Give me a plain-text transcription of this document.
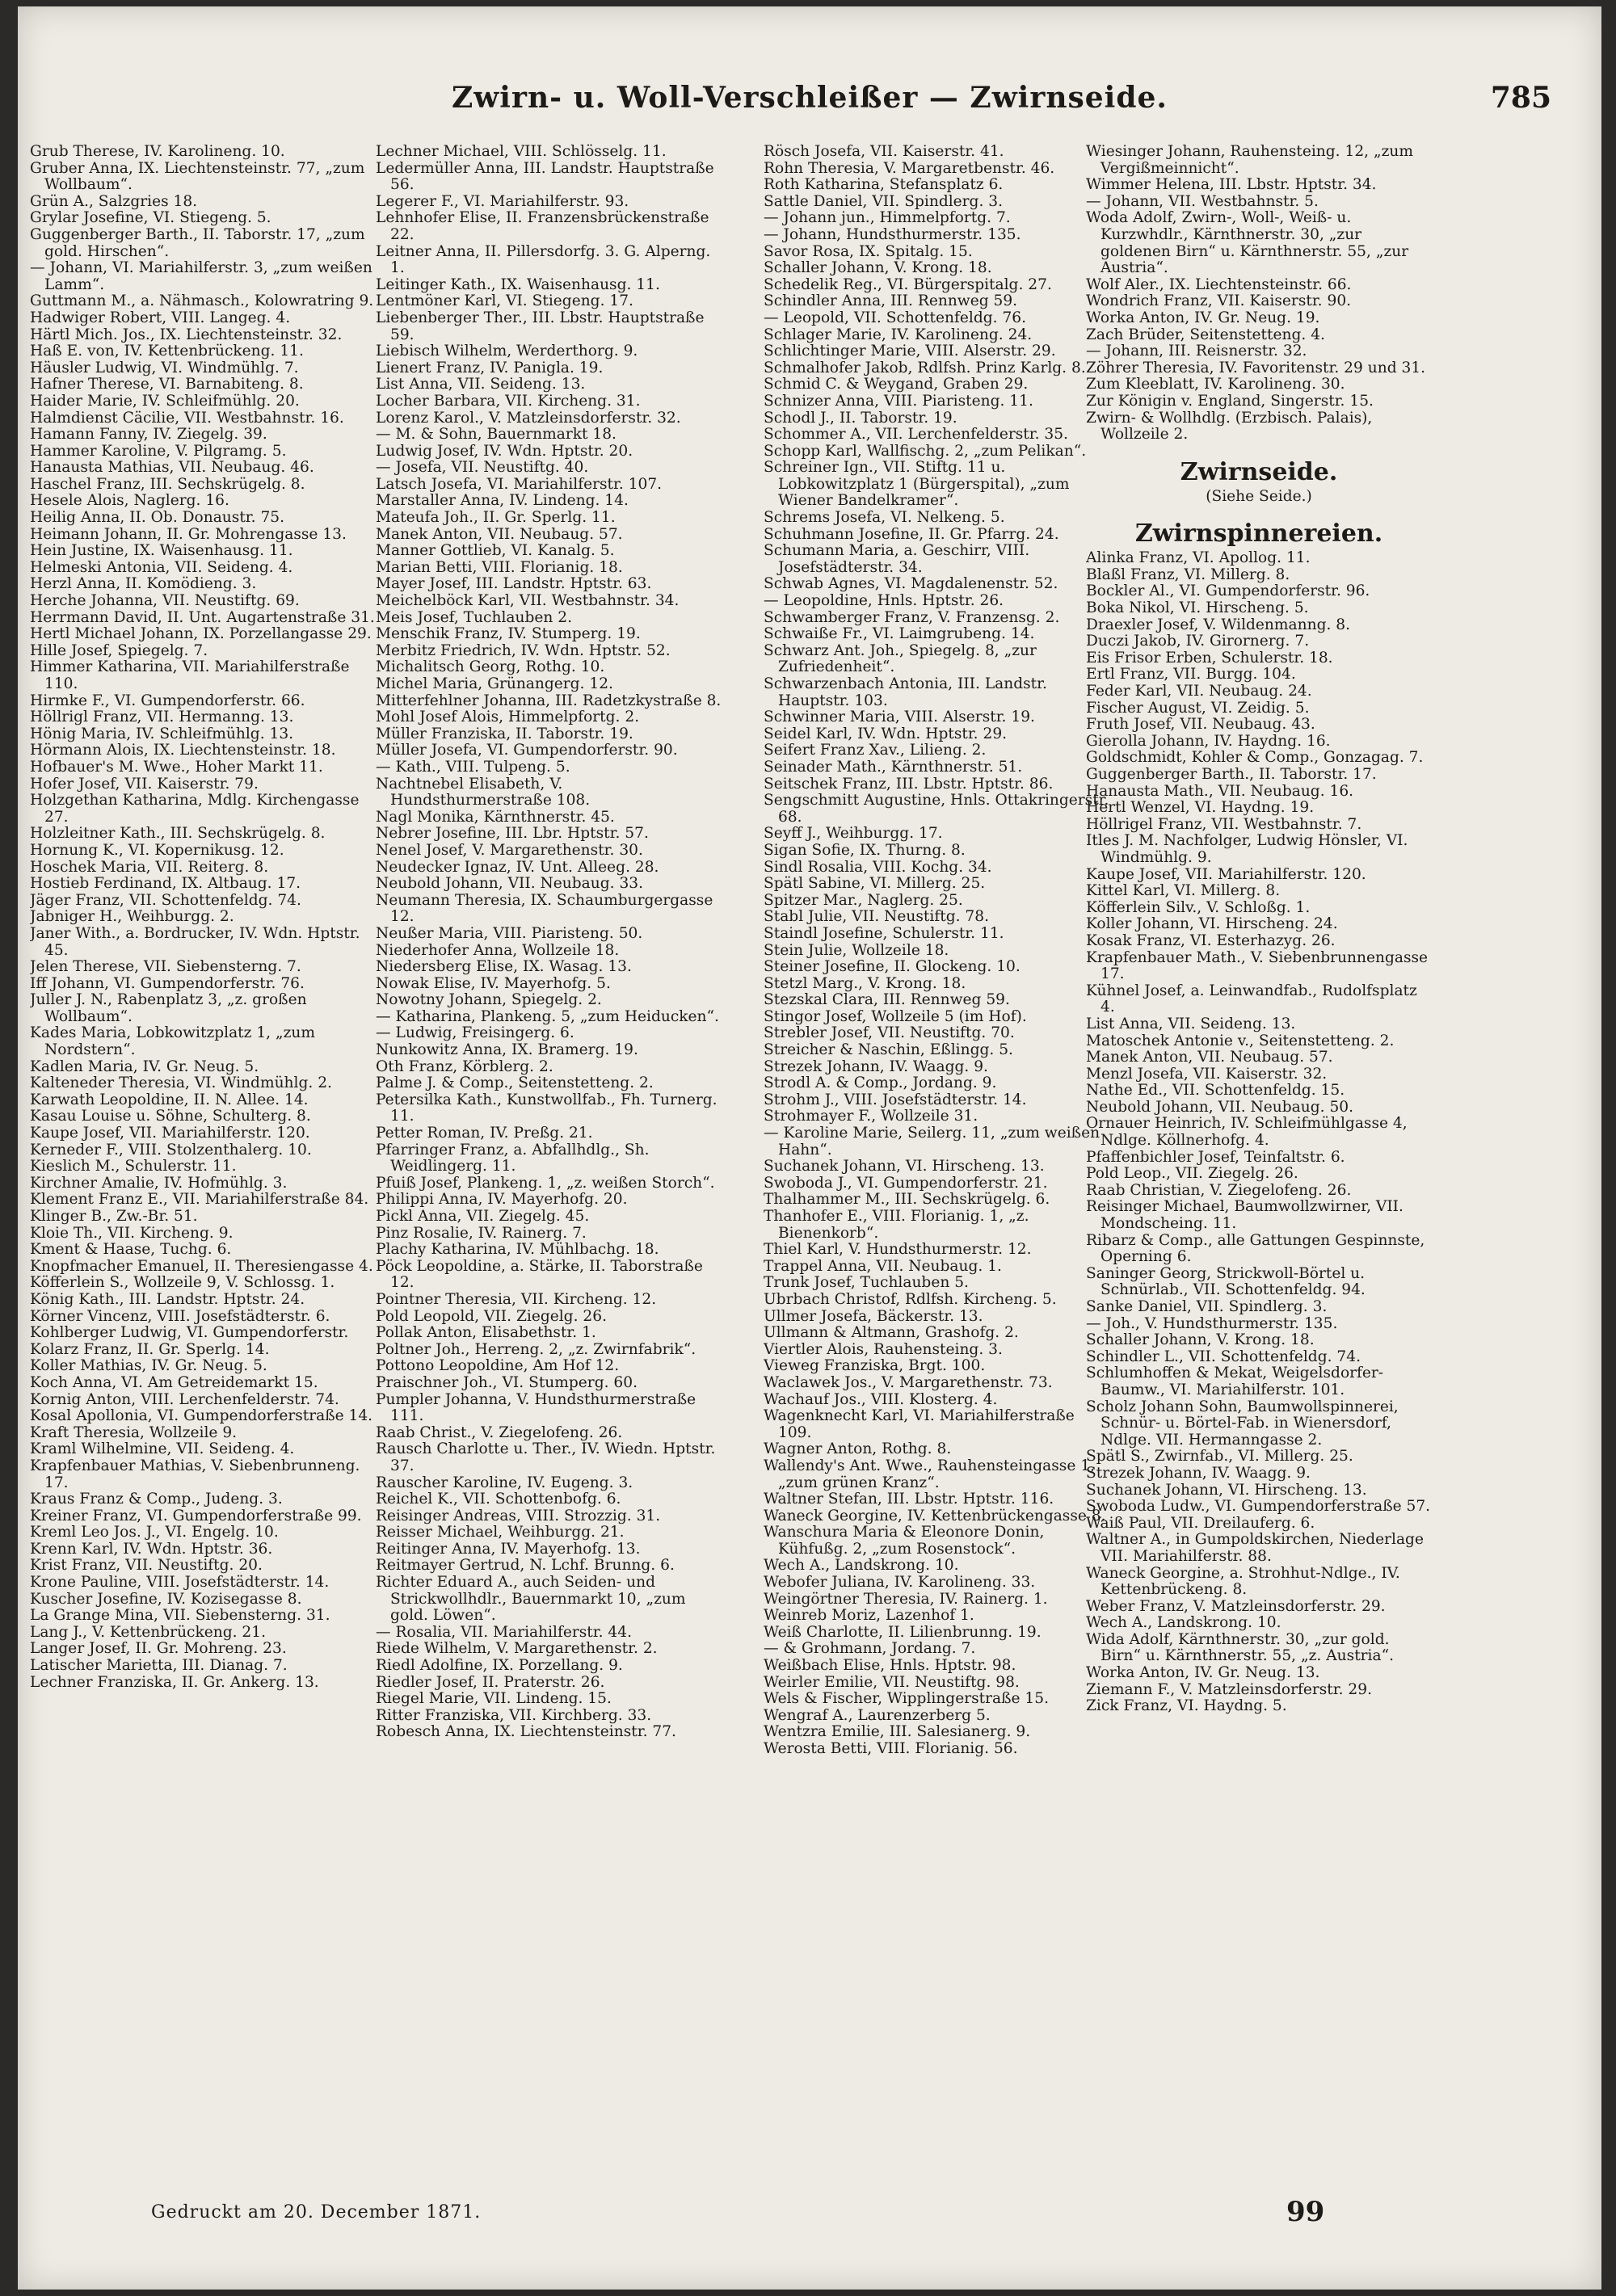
Zwirn- u. Woll-Verschleißer — Zwirnseide.	785

Grub Therese, IV. Karolineng. 10.

Gruber Anna, IX. Liechtensteinstr. 77, „zum Wollbaum“.

Grün A., Salzgries 18.

Grylar Josefine, VI. Stiegeng. 5.

Guggenberger Barth., II. Taborstr. 17, „zum gold. Hirschen“.

— Johann, VI. Mariahilferstr. 3, „zum weißen Lamm“.

Guttmann M., a. Nähmasch., Kolowratring 9.

Hadwiger Robert, VIII. Langeg. 4.

Härtl Mich. Jos., IX. Liechtensteinstr. 32.

Haß E. von, IV. Kettenbrückeng. 11.

Häusler Ludwig, VI. Windmühlg. 7.

Hafner Therese, VI. Barnabiteng. 8.

Haider Marie, IV. Schleifmühlg. 20.

Halmdienst Cäcilie, VII. Westbahnstr. 16.

Hamann Fanny, IV. Ziegelg. 39.

Hammer Karoline, V. Pilgramg. 5.

Hanausta Mathias, VII. Neubaug. 46.

Haschel Franz, III. Sechskrügelg. 8.

Hesele Alois, Naglerg. 16.

Heilig Anna, II. Ob. Donaustr. 75.

Heimann Johann, II. Gr. Mohrengasse 13.

Hein Justine, IX. Waisenhausg. 11.

Helmeski Antonia, VII. Seideng. 4.

Herzl Anna, II. Komödieng. 3.

Herche Johanna, VII. Neustiftg. 69.

Herrmann David, II. Unt. Augartenstraße 31.

Hertl Michael Johann, IX. Porzellangasse 29.

Hille Josef, Spiegelg. 7.

Himmer Katharina, VII. Mariahilferstraße 110.

Hirmke F., VI. Gumpendorferstr. 66.

Höllrigl Franz, VII. Hermanng. 13.

Hönig Maria, IV. Schleifmühlg. 13.

Hörmann Alois, IX. Liechtensteinstr. 18.

Hofbauer's M. Wwe., Hoher Markt 11.

Hofer Josef, VII. Kaiserstr. 79.

Holzgethan Katharina, Mdlg. Kirchengasse 27.

Holzleitner Kath., III. Sechskrügelg. 8.

Hornung K., VI. Kopernikusg. 12.

Hoschek Maria, VII. Reiterg. 8.

Hostieb Ferdinand, IX. Altbaug. 17.

Jäger Franz, VII. Schottenfeldg. 74.

Jabniger H., Weihburgg. 2.

Janer With., a. Bordrucker, IV. Wdn. Hptstr. 45.

Jelen Therese, VII. Siebensterng. 7.

Iff Johann, VI. Gumpendorferstr. 76.

Juller J. N., Rabenplatz 3, „z. großen Wollbaum“.

Kades Maria, Lobkowitzplatz 1, „zum Nordstern“.

Kadlen Maria, IV. Gr. Neug. 5.

Kalteneder Theresia, VI. Windmühlg. 2.

Karwath Leopoldine, II. N. Allee. 14.

Kasau Louise u. Söhne, Schulterg. 8.

Kaupe Josef, VII. Mariahilferstr. 120.

Kerneder F., VIII. Stolzenthalerg. 10.

Kieslich M., Schulerstr. 11.

Kirchner Amalie, IV. Hofmühlg. 3.

Klement Franz E., VII. Mariahilferstraße 84.

Klinger B., Zw.-Br. 51.

Kloie Th., VII. Kircheng. 9.

Kment & Haase, Tuchg. 6.

Knopfmacher Emanuel, II. Theresiengasse 4.

Köfferlein S., Wollzeile 9, V. Schlossg. 1.

König Kath., III. Landstr. Hptstr. 24.

Körner Vincenz, VIII. Josefstädterstr. 6.

Kohlberger Ludwig, VI. Gumpendorferstr.

Kolarz Franz, II. Gr. Sperlg. 14.

Koller Mathias, IV. Gr. Neug. 5.

Koch Anna, VI. Am Getreidemarkt 15.

Kornig Anton, VIII. Lerchenfelderstr. 74.

Kosal Apollonia, VI. Gumpendorferstraße 14.

Kraft Theresia, Wollzeile 9.

Kraml Wilhelmine, VII. Seideng. 4.

Krapfenbauer Mathias, V. Siebenbrunneng. 17.

Kraus Franz & Comp., Judeng. 3.

Kreiner Franz, VI. Gumpendorferstraße 99.

Kreml Leo Jos. J., VI. Engelg. 10.

Krenn Karl, IV. Wdn. Hptstr. 36.

Krist Franz, VII. Neustiftg. 20.

Krone Pauline, VIII. Josefstädterstr. 14.

Kuscher Josefine, IV. Kozisegasse 8.

La Grange Mina, VII. Siebensterng. 31.

Lang J., V. Kettenbrückeng. 21.

Langer Josef, II. Gr. Mohreng. 23.

Latischer Marietta, III. Dianag. 7.

Lechner Franziska, II. Gr. Ankerg. 13.

Lechner Michael, VIII. Schlösselg. 11.

Ledermüller Anna, III. Landstr. Hauptstraße 56.

Legerer F., VI. Mariahilferstr. 93.

Lehnhofer Elise, II. Franzensbrückenstraße 22.

Leitner Anna, II. Pillersdorfg. 3. G. Alperng. 1.

Leitinger Kath., IX. Waisenhausg. 11.

Lentmöner Karl, VI. Stiegeng. 17.

Liebenberger Ther., III. Lbstr. Hauptstraße 59.

Liebisch Wilhelm, Werderthorg. 9.

Lienert Franz, IV. Panigla. 19.

List Anna, VII. Seideng. 13.

Locher Barbara, VII. Kircheng. 31.

Lorenz Karol., V. Matzleinsdorferstr. 32.

— M. & Sohn, Bauernmarkt 18.

Ludwig Josef, IV. Wdn. Hptstr. 20.

— Josefa, VII. Neustiftg. 40.

Latsch Josefa, VI. Mariahilferstr. 107.

Marstaller Anna, IV. Lindeng. 14.

Mateufa Joh., II. Gr. Sperlg. 11.

Manek Anton, VII. Neubaug. 57.

Manner Gottlieb, VI. Kanalg. 5.

Marian Betti, VIII. Florianig. 18.

Mayer Josef, III. Landstr. Hptstr. 63.

Meichelböck Karl, VII. Westbahnstr. 34.

Meis Josef, Tuchlauben 2.

Menschik Franz, IV. Stumperg. 19.

Merbitz Friedrich, IV. Wdn. Hptstr. 52.

Michalitsch Georg, Rothg. 10.

Michel Maria, Grünangerg. 12.

Mitterfehlner Johanna, III. Radetzkystraße 8.

Mohl Josef Alois, Himmelpfortg. 2.

Müller Franziska, II. Taborstr. 19.

Müller Josefa, VI. Gumpendorferstr. 90.

— Kath., VIII. Tulpeng. 5.

Nachtnebel Elisabeth, V. Hundsthurmerstraße 108.

Nagl Monika, Kärnthnerstr. 45.

Nebrer Josefine, III. Lbr. Hptstr. 57.

Nenel Josef, V. Margarethenstr. 30.

Neudecker Ignaz, IV. Unt. Alleeg. 28.

Neubold Johann, VII. Neubaug. 33.

Neumann Theresia, IX. Schaumburgergasse 12.

Neußer Maria, VIII. Piaristeng. 50.

Niederhofer Anna, Wollzeile 18.

Niedersberg Elise, IX. Wasag. 13.

Nowak Elise, IV. Mayerhofg. 5.

Nowotny Johann, Spiegelg. 2.

— Katharina, Plankeng. 5, „zum Heiducken“.

— Ludwig, Freisingerg. 6.

Nunkowitz Anna, IX. Bramerg. 19.

Oth Franz, Körblerg. 2.

Palme J. & Comp., Seitenstetteng. 2.

Petersilka Kath., Kunstwollfab., Fh. Turnerg. 11.

Petter Roman, IV. Preßg. 21.

Pfarringer Franz, a. Abfallhdlg., Sh. Weidlingerg. 11.

Pfuiß Josef, Plankeng. 1, „z. weißen Storch“.

Philippi Anna, IV. Mayerhofg. 20.

Pickl Anna, VII. Ziegelg. 45.

Pinz Rosalie, IV. Rainerg. 7.

Plachy Katharina, IV. Mühlbachg. 18.

Pöck Leopoldine, a. Stärke, II. Taborstraße 12.

Pointner Theresia, VII. Kircheng. 12.

Pold Leopold, VII. Ziegelg. 26.

Pollak Anton, Elisabethstr. 1.

Poltner Joh., Herreng. 2, „z. Zwirnfabrik“.

Pottono Leopoldine, Am Hof 12.

Praischner Joh., VI. Stumperg. 60.

Pumpler Johanna, V. Hundsthurmerstraße 111.

Raab Christ., V. Ziegelofeng. 26.

Rausch Charlotte u. Ther., IV. Wiedn. Hptstr. 37.

Rauscher Karoline, IV. Eugeng. 3.

Reichel K., VII. Schottenbofg. 6.

Reisinger Andreas, VIII. Strozzig. 31.

Reisser Michael, Weihburgg. 21.

Reitinger Anna, IV. Mayerhofg. 13.

Reitmayer Gertrud, N. Lchf. Brunng. 6.

Richter Eduard A., auch Seiden- und Strickwollhdlr., Bauernmarkt 10, „zum gold. Löwen“.

— Rosalia, VII. Mariahilferstr. 44.

Riede Wilhelm, V. Margarethenstr. 2.

Riedl Adolfine, IX. Porzellang. 9.

Riedler Josef, II. Praterstr. 26.

Riegel Marie, VII. Lindeng. 15.

Ritter Franziska, VII. Kirchberg. 33.

Robesch Anna, IX. Liechtensteinstr. 77.

Rösch Josefa, VII. Kaiserstr. 41.

Rohn Theresia, V. Margaretbenstr. 46.

Roth Katharina, Stefansplatz 6.

Sattle Daniel, VII. Spindlerg. 3.

— Johann jun., Himmelpfortg. 7.

— Johann, Hundsthurmerstr. 135.

Savor Rosa, IX. Spitalg. 15.

Schaller Johann, V. Krong. 18.

Schedelik Reg., VI. Bürgerspitalg. 27.

Schindler Anna, III. Rennweg 59.

— Leopold, VII. Schottenfeldg. 76.

Schlager Marie, IV. Karolineng. 24.

Schlichtinger Marie, VIII. Alserstr. 29.

Schmalhofer Jakob, Rdlfsh. Prinz Karlg. 8.

Schmid C. & Weygand, Graben 29.

Schnizer Anna, VIII. Piaristeng. 11.

Schodl J., II. Taborstr. 19.

Schommer A., VII. Lerchenfelderstr. 35.

Schopp Karl, Wallfischg. 2, „zum Pelikan“.

Schreiner Ign., VII. Stiftg. 11 u. Lobkowitzplatz 1 (Bürgerspital), „zum Wiener Bandelkramer“.

Schrems Josefa, VI. Nelkeng. 5.

Schuhmann Josefine, II. Gr. Pfarrg. 24.

Schumann Maria, a. Geschirr, VIII. Josefstädterstr. 34.

Schwab Agnes, VI. Magdalenenstr. 52.

— Leopoldine, Hnls. Hptstr. 26.

Schwamberger Franz, V. Franzensg. 2.

Schwaiße Fr., VI. Laimgrubeng. 14.

Schwarz Ant. Joh., Spiegelg. 8, „zur Zufriedenheit“.

Schwarzenbach Antonia, III. Landstr. Hauptstr. 103.

Schwinner Maria, VIII. Alserstr. 19.

Seidel Karl, IV. Wdn. Hptstr. 29.

Seifert Franz Xav., Lilieng. 2.

Seinader Math., Kärnthnerstr. 51.

Seitschek Franz, III. Lbstr. Hptstr. 86.

Sengschmitt Augustine, Hnls. Ottakringerstr. 68.

Seyff J., Weihburgg. 17.

Sigan Sofie, IX. Thurng. 8.

Sindl Rosalia, VIII. Kochg. 34.

Spätl Sabine, VI. Millerg. 25.

Spitzer Mar., Naglerg. 25.

Stabl Julie, VII. Neustiftg. 78.

Staindl Josefine, Schulerstr. 11.

Stein Julie, Wollzeile 18.

Steiner Josefine, II. Glockeng. 10.

Stetzl Marg., V. Krong. 18.

Stezskal Clara, III. Rennweg 59.

Stingor Josef, Wollzeile 5 (im Hof).

Strebler Josef, VII. Neustiftg. 70.

Streicher & Naschin, Eßlingg. 5.

Strezek Johann, IV. Waagg. 9.

Strodl A. & Comp., Jordang. 9.

Strohm J., VIII. Josefstädterstr. 14.

Strohmayer F., Wollzeile 31.

— Karoline Marie, Seilerg. 11, „zum weißen Hahn“.

Suchanek Johann, VI. Hirscheng. 13.

Swoboda J., VI. Gumpendorferstr. 21.

Thalhammer M., III. Sechskrügelg. 6.

Thanhofer E., VIII. Florianig. 1, „z. Bienenkorb“.

Thiel Karl, V. Hundsthurmerstr. 12.

Trappel Anna, VII. Neubaug. 1.

Trunk Josef, Tuchlauben 5.

Ubrbach Christof, Rdlfsh. Kircheng. 5.

Ullmer Josefa, Bäckerstr. 13.

Ullmann & Altmann, Grashofg. 2.

Viertler Alois, Rauhensteing. 3.

Vieweg Franziska, Brgt. 100.

Waclawek Jos., V. Margarethenstr. 73.

Wachauf Jos., VIII. Klosterg. 4.

Wagenknecht Karl, VI. Mariahilferstraße 109.

Wagner Anton, Rothg. 8.

Wallendy's Ant. Wwe., Rauhensteingasse 1, „zum grünen Kranz“.

Waltner Stefan, III. Lbstr. Hptstr. 116.

Waneck Georgine, IV. Kettenbrückengasse 8.

Wanschura Maria & Eleonore Donin, Kühfußg. 2, „zum Rosenstock“.

Wech A., Landskrong. 10.

Webofer Juliana, IV. Karolineng. 33.

Weingörtner Theresia, IV. Rainerg. 1.

Weinreb Moriz, Lazenhof 1.

Weiß Charlotte, II. Lilienbrunng. 19.

— & Grohmann, Jordang. 7.

Weißbach Elise, Hnls. Hptstr. 98.

Weirler Emilie, VII. Neustiftg. 98.

Wels & Fischer, Wipplingerstraße 15.

Wengraf A., Laurenzerberg 5.

Wentzra Emilie, III. Salesianerg. 9.

Werosta Betti, VIII. Florianig. 56.

Wiesinger Johann, Rauhensteing. 12, „zum Vergißmeinnicht“.

Wimmer Helena, III. Lbstr. Hptstr. 34.

— Johann, VII. Westbahnstr. 5.

Woda Adolf, Zwirn-, Woll-, Weiß- u. Kurzwhdlr., Kärnthnerstr. 30, „zur goldenen Birn“ u. Kärnthnerstr. 55, „zur Austria“.

Wolf Aler., IX. Liechtensteinstr. 66.

Wondrich Franz, VII. Kaiserstr. 90.

Worka Anton, IV. Gr. Neug. 19.

Zach Brüder, Seitenstetteng. 4.

— Johann, III. Reisnerstr. 32.

Zöhrer Theresia, IV. Favoritenstr. 29 und 31.

Zum Kleeblatt, IV. Karolineng. 30.

Zur Königin v. England, Singerstr. 15.

Zwirn- & Wollhdlg. (Erzbisch. Palais), Wollzeile 2.

Zwirnseide.

(Siehe Seide.)

Zwirnspinnereien.

Alinka Franz, VI. Apollog. 11.

Blaßl Franz, VI. Millerg. 8.

Bockler Al., VI. Gumpendorferstr. 96.

Boka Nikol, VI. Hirscheng. 5.

Draexler Josef, V. Wildenmanng. 8.

Duczi Jakob, IV. Girornerg. 7.

Eis Frisor Erben, Schulerstr. 18.

Ertl Franz, VII. Burgg. 104.

Feder Karl, VII. Neubaug. 24.

Fischer August, VI. Zeidig. 5.

Fruth Josef, VII. Neubaug. 43.

Gierolla Johann, IV. Haydng. 16.

Goldschmidt, Kohler & Comp., Gonzagag. 7.

Guggenberger Barth., II. Taborstr. 17.

Hanausta Math., VII. Neubaug. 16.

Hertl Wenzel, VI. Haydng. 19.

Höllrigel Franz, VII. Westbahnstr. 7.

Itles J. M. Nachfolger, Ludwig Hönsler, VI. Windmühlg. 9.

Kaupe Josef, VII. Mariahilferstr. 120.

Kittel Karl, VI. Millerg. 8.

Köfferlein Silv., V. Schloßg. 1.

Koller Johann, VI. Hirscheng. 24.

Kosak Franz, VI. Esterhazyg. 26.

Krapfenbauer Math., V. Siebenbrunnengasse 17.

Kühnel Josef, a. Leinwandfab., Rudolfsplatz 4.

List Anna, VII. Seideng. 13.

Matoschek Antonie v., Seitenstetteng. 2.

Manek Anton, VII. Neubaug. 57.

Menzl Josefa, VII. Kaiserstr. 32.

Nathe Ed., VII. Schottenfeldg. 15.

Neubold Johann, VII. Neubaug. 50.

Ornauer Heinrich, IV. Schleifmühlgasse 4, Ndlge. Köllnerhofg. 4.

Pfaffenbichler Josef, Teinfaltstr. 6.

Pold Leop., VII. Ziegelg. 26.

Raab Christian, V. Ziegelofeng. 26.

Reisinger Michael, Baumwollzwirner, VII. Mondscheing. 11.

Ribarz & Comp., alle Gattungen Gespinnste, Operning 6.

Saninger Georg, Strickwoll-Börtel u. Schnürlab., VII. Schottenfeldg. 94.

Sanke Daniel, VII. Spindlerg. 3.

— Joh., V. Hundsthurmerstr. 135.

Schaller Johann, V. Krong. 18.

Schindler L., VII. Schottenfeldg. 74.

Schlumhoffen & Mekat, Weigelsdorfer-Baumw., VI. Mariahilferstr. 101.

Scholz Johann Sohn, Baumwollspinnerei, Schnür- u. Börtel-Fab. in Wienersdorf, Ndlge. VII. Hermanngasse 2.

Spätl S., Zwirnfab., VI. Millerg. 25.

Strezek Johann, IV. Waagg. 9.

Suchanek Johann, VI. Hirscheng. 13.

Swoboda Ludw., VI. Gumpendorferstraße 57.

Waiß Paul, VII. Dreilauferg. 6.

Waltner A., in Gumpoldskirchen, Niederlage VII. Mariahilferstr. 88.

Waneck Georgine, a. Strohhut-Ndlge., IV. Kettenbrückeng. 8.

Weber Franz, V. Matzleinsdorferstr. 29.

Wech A., Landskrong. 10.

Wida Adolf, Kärnthnerstr. 30, „zur gold. Birn“ u. Kärnthnerstr. 55, „z. Austria“.

Worka Anton, IV. Gr. Neug. 13.

Ziemann F., V. Matzleinsdorferstr. 29.

Zick Franz, VI. Haydng. 5.

Gedruckt am 20. December 1871.	99
